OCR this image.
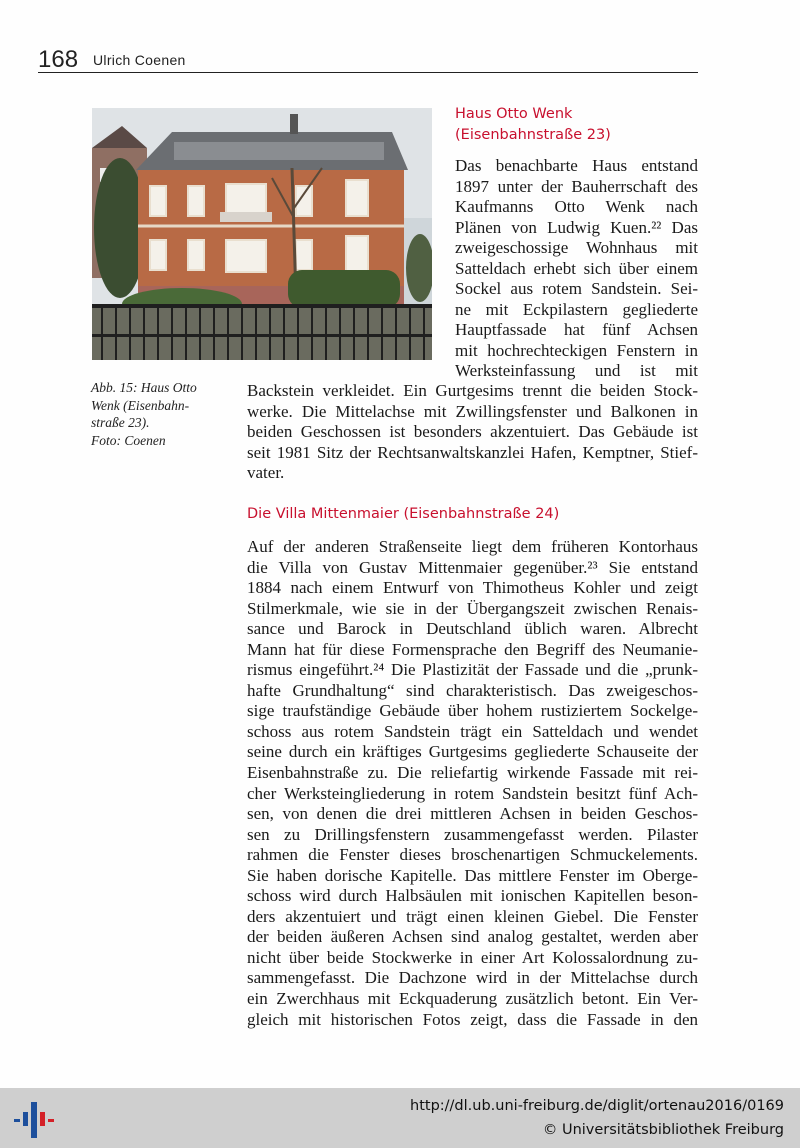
168 Ulrich Coenen
Abb. 15: Haus Otto
Wenk (Eisenbahn-
straße 23).
Foto: Coenen
Haus Otto Wenk
(Eisenbahnstraße 23)
Das benachbarte Haus entstand
1897 unter der Bauherrschaft des
Kaufmanns Otto Wenk nach
Plänen von Ludwig Kuen.²² Das
zweigeschossige Wohnhaus mit
Satteldach erhebt sich über einem
Sockel aus rotem Sandstein. Sei-
ne mit Eckpilastern gegliederte
Hauptfassade hat fünf Achsen
mit hochrechteckigen Fenstern in
Werksteinfassung und ist mit
Backstein verkleidet. Ein Gurtgesims trennt die beiden Stock-
werke. Die Mittelachse mit Zwillingsfenster und Balkonen in
beiden Geschossen ist besonders akzentuiert. Das Gebäude ist
seit 1981 Sitz der Rechtsanwaltskanzlei Hafen, Kemptner, Stief-
vater.
Die Villa Mittenmaier (Eisenbahnstraße 24)
Auf der anderen Straßenseite liegt dem früheren Kontorhaus
die Villa von Gustav Mittenmaier gegenüber.²³ Sie entstand
1884 nach einem Entwurf von Thimotheus Kohler und zeigt
Stilmerkmale, wie sie in der Übergangszeit zwischen Renais-
sance und Barock in Deutschland üblich waren. Albrecht
Mann hat für diese Formensprache den Begriff des Neumanie-
rismus eingeführt.²⁴ Die Plastizität der Fassade und die „prunk-
hafte Grundhaltung“ sind charakteristisch. Das zweigeschos-
sige traufständige Gebäude über hohem rustiziertem Sockelge-
schoss aus rotem Sandstein trägt ein Satteldach und wendet
seine durch ein kräftiges Gurtgesims gegliederte Schauseite der
Eisenbahnstraße zu. Die reliefartig wirkende Fassade mit rei-
cher Werksteingliederung in rotem Sandstein besitzt fünf Ach-
sen, von denen die drei mittleren Achsen in beiden Geschos-
sen zu Drillingsfenstern zusammengefasst werden. Pilaster
rahmen die Fenster dieses broschenartigen Schmuckelements.
Sie haben dorische Kapitelle. Das mittlere Fenster im Oberge-
schoss wird durch Halbsäulen mit ionischen Kapitellen beson-
ders akzentuiert und trägt einen kleinen Giebel. Die Fenster
der beiden äußeren Achsen sind analog gestaltet, werden aber
nicht über beide Stockwerke in einer Art Kolossalordnung zu-
sammengefasst. Die Dachzone wird in der Mittelachse durch
ein Zwerchhaus mit Eckquaderung zusätzlich betont. Ein Ver-
gleich mit historischen Fotos zeigt, dass die Fassade in den
http://dl.ub.uni-freiburg.de/diglit/ortenau2016/0169
© Universitätsbibliothek Freiburg
